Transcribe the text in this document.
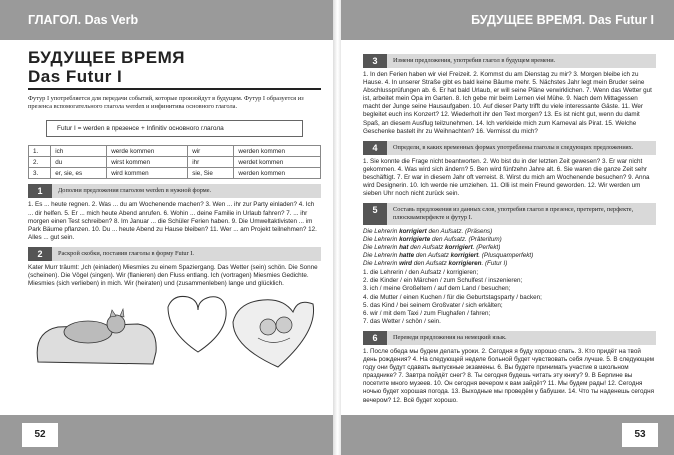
ГЛАГОЛ. Das Verb
БУДУЩЕЕ ВРЕМЯ
Das Futur I
Футур I употребляется для передачи событий, которые произойдут в будущем. Футур I образуется из презенса вспомогательного глагола werden и инфинитива основного глагола.
Futur I = werden в презенсе + Infinitiv основного глагола
1.	ich	werde kommen	wir	werden kommen
2.	du	wirst kommen	ihr	werdet kommen
3.	er, sie, es	wird kommen	sie, Sie	werden kommen
1	Дополни предложения глаголом werden в нужной форме.
1. Es ... heute regnen. 2. Was ... du am Wochenende machen? 3. Wen ... ihr zur Party einladen? 4. Ich ... dir helfen. 5. Er ... mich heute Abend anrufen. 6. Wohin ... deine Familie in Urlaub fahren? 7. ... ihr morgen einen Test schreiben? 8. Im Januar ... die Schüler Ferien haben. 9. Die Umweltaktivisten ... im Park Bäume pflanzen. 10. Du ... heute Abend zu Hause bleiben? 11. Wer ... am Projekt teilnehmen? 12. Alles ... gut sein.
2	Раскрой скобки, поставив глаголы в форму Futur I.
Kater Murr träumt: „Ich (einladen) Miesmies zu einem Spaziergang. Das Wetter (sein) schön. Die Sonne (scheinen). Die Vögel (singen). Wir (flanieren) den Fluss entlang. Ich (vortragen) Miesmies Gedichte. Miesmies (sich verlieben) in mich. Wir (heiraten) und (zusammenleben) lange und glücklich.
52
БУДУЩЕЕ ВРЕМЯ. Das Futur I
3	Измени предложения, употребив глагол в будущем времени.
1. In den Ferien haben wir viel Freizeit. 2. Kommst du am Dienstag zu mir? 3. Morgen bleibe ich zu Hause. 4. In unserer Straße gibt es bald keine Bäume mehr. 5. Nächstes Jahr legt mein Bruder seine Abschlussprüfungen ab. 6. Er hat bald Urlaub, er will seine Pläne verwirklichen. 7. Wenn das Wetter gut ist, arbeitet mein Opa im Garten. 8. Ich gebe mir beim Lernen viel Mühe. 9. Nach dem Mittagessen macht der Junge seine Hausaufgaben. 10. Auf dieser Party trifft du viele interessante Gäste. 11. Wer begleitet euch ins Konzert? 12. Wiederholt ihr den Text morgen? 13. Es ist nicht gut, wenn du damit Spaß, an diesem Ausflug teilzunehmen. 14. Ich verkleide mich zum Karneval als Pirat. 15. Welche Geschenke bastelt ihr zu Weihnachten? 16. Vermisst du mich?
4	Определи, в каких временных формах употреблены глаголы в следующих предложениях.
1. Sie konnte die Frage nicht beantworten. 2. Wo bist du in der letzten Zeit gewesen? 3. Er war nicht gekommen. 4. Was wird sich ändern? 5. Ben wird fünfzehn Jahre alt. 6. Sie waren die ganze Zeit sehr beschäftigt. 7. Er war in diesem Jahr oft verreist. 8. Wirst du mich am Wochenende besuchen? 9. Anna wird Designerin. 10. Ich werde nie umziehen. 11. Olli ist mein Freund geworden. 12. Wir werden um sieben Uhr noch nicht zurück sein.
5	Составь предложения из данных слов, употребив глагол в презенсе, претерите, перфекте, плюсквамперфекте и футур I.
Die Lehrerin korrigiert den Aufsatz. (Präsens)
Die Lehrerin korrigierte den Aufsatz. (Präteritum)
Die Lehrerin hat den Aufsatz korrigiert. (Perfekt)
Die Lehrerin hatte den Aufsatz korrigiert. (Plusquamperfekt)
Die Lehrerin wird den Aufsatz korrigieren. (Futur I)
1. die Lehrerin / den Aufsatz / korrigieren;
2. die Kinder / ein Märchen / zum Schulfest / inszenieren;
3. ich / meine Großeltern / auf dem Land / besuchen;
4. die Mutter / einen Kuchen / für die Geburtstagsparty / backen;
5. das Kind / bei seinem Großvater / sich erkälten;
6. wir / mit dem Taxi / zum Flughafen / fahren;
7. das Wetter / schön / sein.
6	Переведи предложения на немецкий язык.
1. После обеда мы будем делать уроки. 2. Сегодня я буду хорошо спать. 3. Кто придёт на твой день рождения? 4. На следующей неделе больной будет чувствовать себя лучше. 5. В следующем году они будут сдавать выпускные экзамены. 6. Вы будете принимать участие в школьном празднике? 7. Завтра пойдёт снег? 8. Ты сегодня будешь читать эту книгу? 9. В Берлине вы посетите много музеев. 10. Он сегодня вечером к вам зайдёт? 11. Мы будем рады! 12. Сегодня ночью будет хорошая погода. 13. Выходные мы проведём у бабушки. 14. Что ты наденешь сегодня вечером? 12. Всё будет хорошо.
53
